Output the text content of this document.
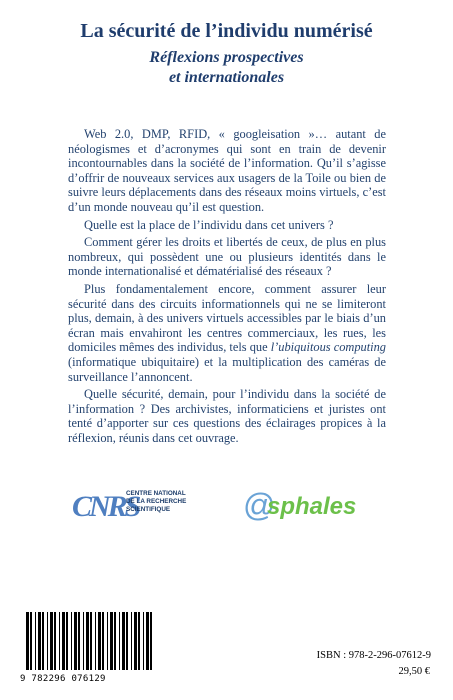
La sécurité de l’individu numérisé
Réflexions prospectives
et internationales

Web 2.0, DMP, RFID, « googleisation »… autant de néologismes et d’acronymes qui sont en train de devenir incontournables dans la société de l’information. Qu’il s’agisse d’offrir de nouveaux services aux usagers de la Toile ou bien de suivre leurs déplacements dans des réseaux moins virtuels, c’est d’un monde nouveau qu’il est question.

Quelle est la place de l’individu dans cet univers ?

Comment gérer les droits et libertés de ceux, de plus en plus nombreux, qui possèdent une ou plusieurs identités dans le monde internationalisé et dématérialisé des réseaux ?

Plus fondamentalement encore, comment assurer leur sécurité dans des circuits informationnels qui ne se limiteront plus, demain, à des univers virtuels accessibles par le biais d’un écran mais envahiront les centres commerciaux, les rues, les domiciles mêmes des individus, tels que l’ubiquitous computing (informatique ubiquitaire) et la multiplication des caméras de surveillance l’annoncent.

Quelle sécurité, demain, pour l’individu dans la société de l’information ? Des archivistes, informaticiens et juristes ont tenté d’apporter sur ces questions des éclairages propices à la réflexion, réunis dans cet ouvrage.

CNRS
CENTRE NATIONAL
DE LA RECHERCHE
SCIENTIFIQUE	@
sphales
9 782296 076129
ISBN : 978-2-296-07612-9
29,50 €
